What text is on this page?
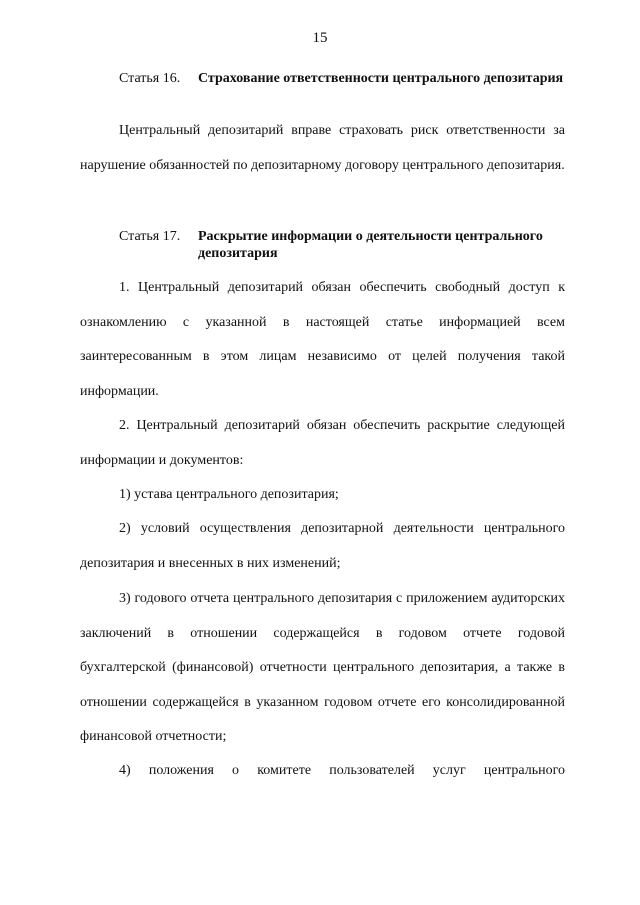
15
Статья 16.	Страхование ответственности центрального депозитария

Центральный депозитарий вправе страховать риск ответственности за нарушение обязанностей по депозитарному договору центрального депозитария.

Статья 17.	Раскрытие информации о деятельности центрального депозитария

1. Центральный депозитарий обязан обеспечить свободный доступ к ознакомлению с указанной в настоящей статье информацией всем заинтересованным в этом лицам независимо от целей получения такой информации.

2. Центральный депозитарий обязан обеспечить раскрытие следующей информации и документов:

1) устава центрального депозитария;

2) условий осуществления депозитарной деятельности центрального депозитария и внесенных в них изменений;

3) годового отчета центрального депозитария с приложением аудиторских заключений в отношении содержащейся в годовом отчете годовой бухгалтерской (финансовой) отчетности центрального депозитария, а также в отношении содержащейся в указанном годовом отчете его консолидированной финансовой отчетности;

4) положения о комитете пользователей услуг центрального
